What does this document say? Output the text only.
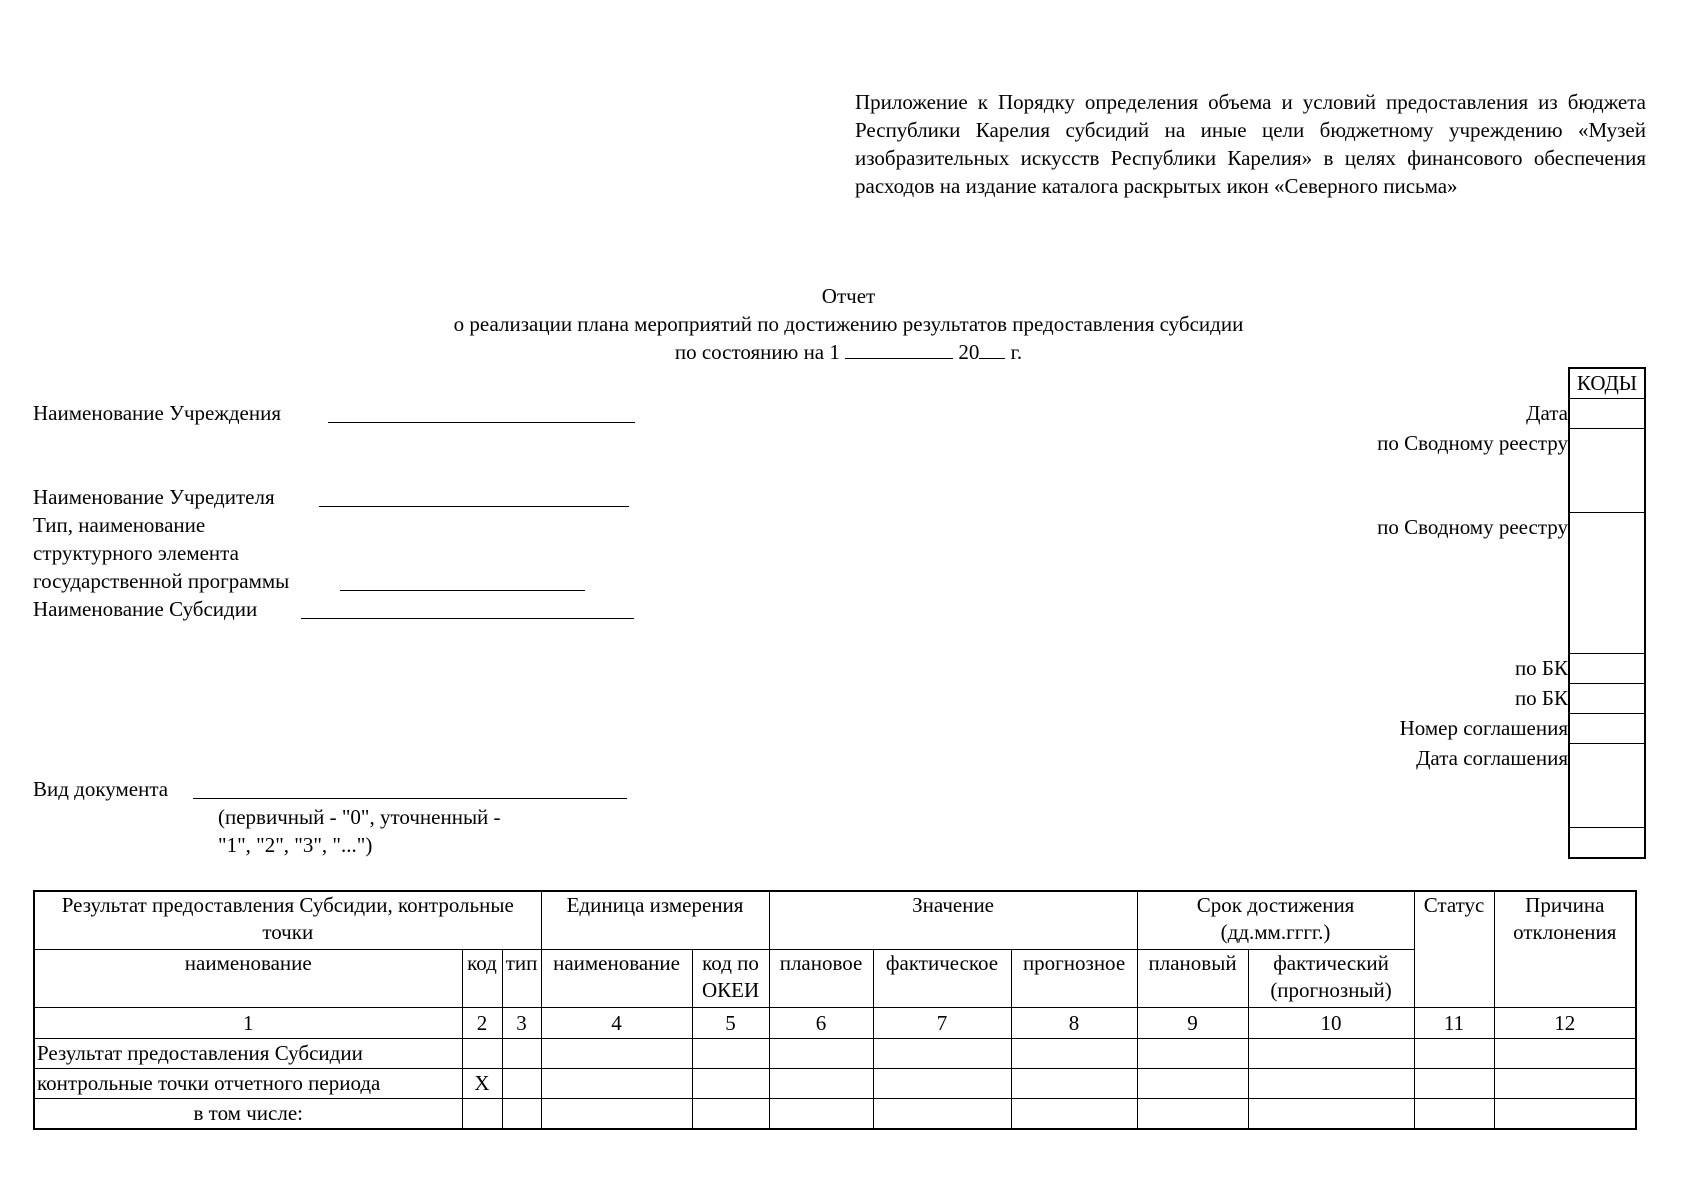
Приложение к Порядку определения объема и условий предоставления из бюджета Республики Карелия субсидий на иные цели бюджетному учреждению «Музей изобразительных искусств Республики Карелия» в целях финансового обеспечения расходов на издание каталога раскрытых икон «Северного письма»
Отчет
о реализации плана мероприятий по достижению результатов предоставления субсидии
по состоянию на 1	20 г.
Наименование Учреждения
Наименование Учредителя
Тип, наименование
структурного элемента
государственной программы
Наименование Субсидии
Вид документа
(первичный - "0", уточненный -
"1", "2", "3", "...")
Дата
по Сводному реестру
по Сводному реестру
по БК
по БК
Номер соглашения
Дата соглашения
КОДЫ
Результат предоставления Субсидии, контрольные точки			Единица измерения		Значение			Срок достижения (дд.мм.гггг.)		Статус	Причина отклонения
наименование	код	тип	наименование	код по ОКЕИ	плановое	фактическое	прогнозное	плановый	фактический (прогнозный)		
1	2	3	4	5	6	7	8	9	10	11	12
Результат предоставления Субсидии											
контрольные точки отчетного периода	X										
в том числе:											
